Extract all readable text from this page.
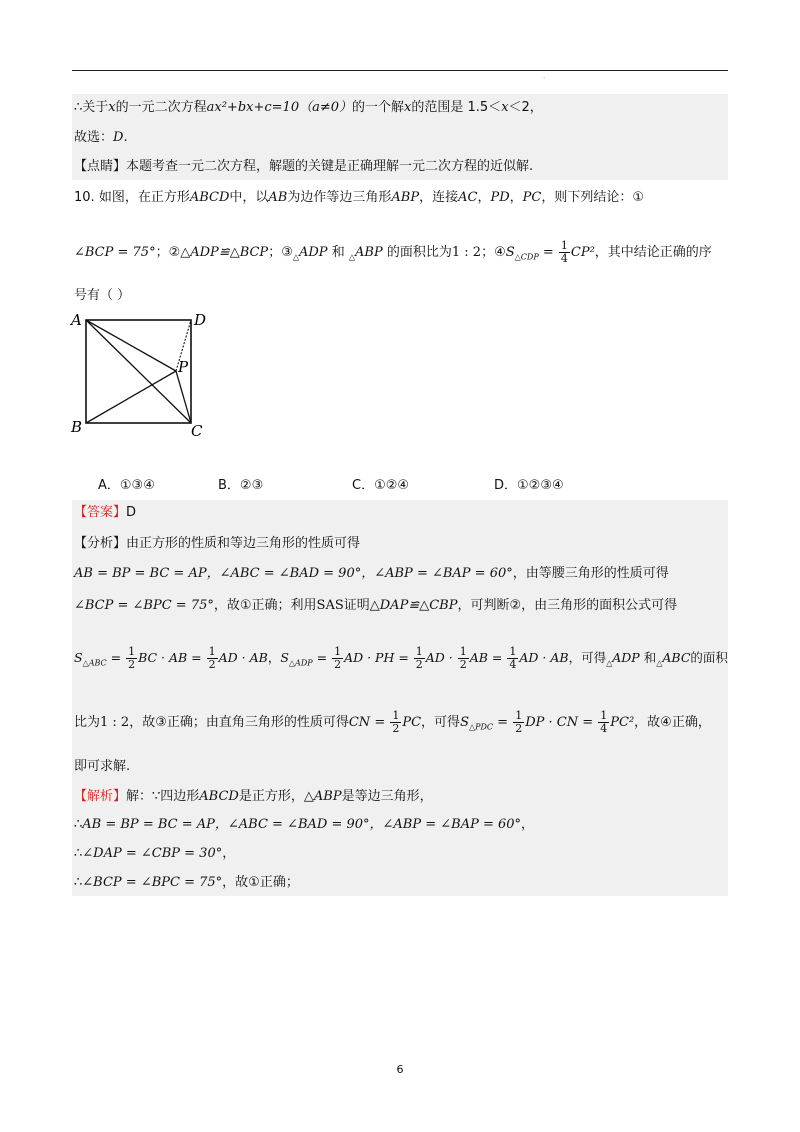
.
∴关于x的一元二次方程ax²+bx+c=10（a≠0）的一个解x的范围是 1.5＜x＜2，
故选：D.
【点睛】本题考查一元二次方程，解题的关键是正确理解一元二次方程的近似解.
10. 如图，在正方形ABCD中，以AB为边作等边三角形ABP，连接AC，PD，PC，则下列结论：①
∠BCP = 75°；②△ADP≌△BCP；$③_\triangle ADP$ 和 $_\triangle$ABP 的面积比为1 : 2；$④S_{\triangle CDP} = \frac{1}{4} CP^2$，其中结论正确的序
号有（ ）
A	D
P
B	C
A．①③④	B．②③	C．①②④	D．①②③④
【答案】D
【分析】由正方形的性质和等边三角形的性质可得
AB = BP = BC = AP，∠ABC = ∠BAD = 90°，∠ABP = ∠BAP = 60°，由等腰三角形的性质可得
∠BCP = ∠BPC = 75°，故①正确；利用SAS证明△DAP≌△CBP，可判断②，由三角形的面积公式可得
$S_{\triangle ABC} = \frac{1}{2}$ BC · AB = $\frac{1}{2}$ AD · AB，$S_{\triangle ADP} = \frac{1}{2}$ AD · PH = $\frac{1}{2}$ AD · $\frac{1}{2}$ AB = $\frac{1}{4}$ AD · AB，可得$_\triangle$ADP 和$_\triangle$ABC的面积
比为1 : 2，故③正确；由直角三角形的性质可得CN = $\frac{1}{2}$ PC，可得$S_{\triangle PDC} = \frac{1}{2}$ DP · CN = $\frac{1}{4} PC^2$，故④正确，
即可求解.
【解析】解：∵四边形ABCD是正方形，△ABP是等边三角形，
∴AB = BP = BC = AP，∠ABC = ∠BAD = 90°，∠ABP = ∠BAP = 60°，
∴∠DAP = ∠CBP = 30°，
∴∠BCP = ∠BPC = 75°，故①正确；
6
